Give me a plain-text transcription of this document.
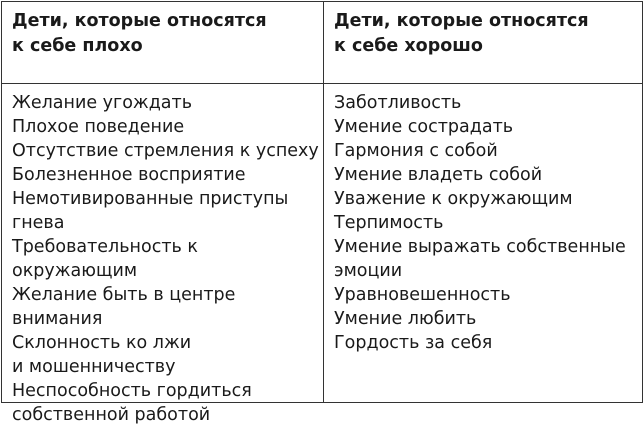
Дети, которые относятся
к себе плохо
Дети, которые относятся
к себе хорошо
Желание угождать
Плохое поведение
Отсутствие стремления к успеху
Болезненное восприятие
Немотивированные приступы
гнева
Требовательность к окружающим
Желание быть в центре
внимания
Склонность ко лжи
и мошенничеству
Неспособность гордиться
собственной работой
Заботливость
Умение сострадать
Гармония с собой
Умение владеть собой
Уважение к окружающим
Терпимость
Умение выражать собственные
эмоции
Уравновешенность
Умение любить
Гордость за себя
